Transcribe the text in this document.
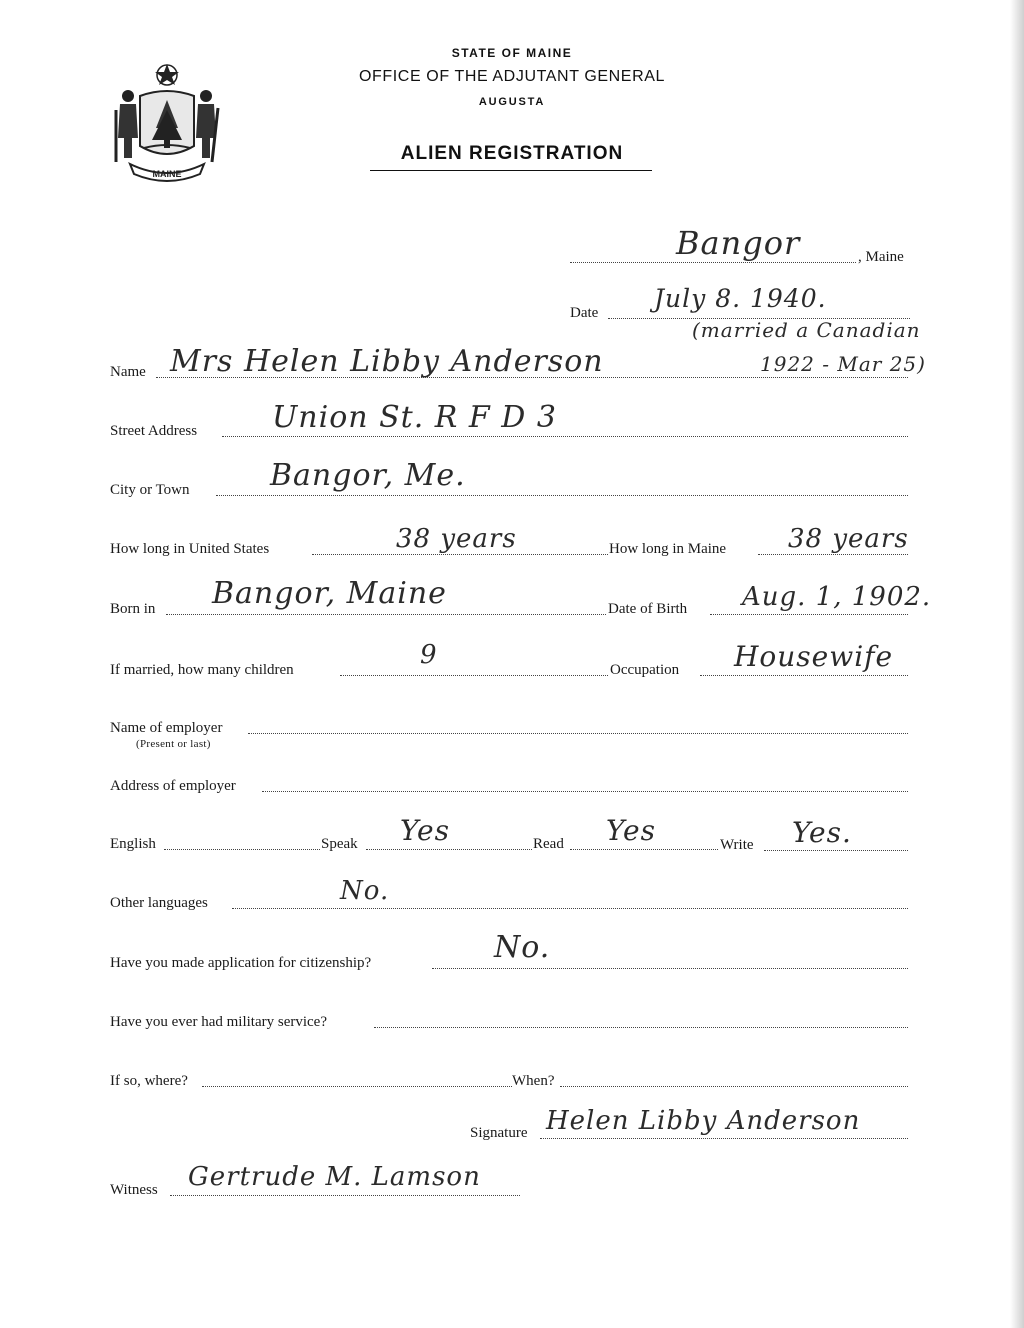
MAINE
STATE OF MAINE
OFFICE OF THE ADJUTANT GENERAL
AUGUSTA
ALIEN REGISTRATION
Bangor	, Maine
Date July 8. 1940.
(married a Canadian
Name Mrs Helen Libby Anderson	1922 - Mar 25)
Street Address Union St. R F D 3
City or Town	Bangor, Me.
How long in United States	38 years	How long in Maine 38 years
Born in Bangor, Maine	Date of Birth Aug. 1, 1902.
If married, how many children	9	Occupation Housewife
Name of employer
(Present or last)
Address of employer
English	Speak Yes	Read Yes	Write Yes.
Other languages	No.
Have you made application for citizenship?	No.
Have you ever had military service?
If so, where?	When?
Signature Helen Libby Anderson
Witness Gertrude M. Lamson
